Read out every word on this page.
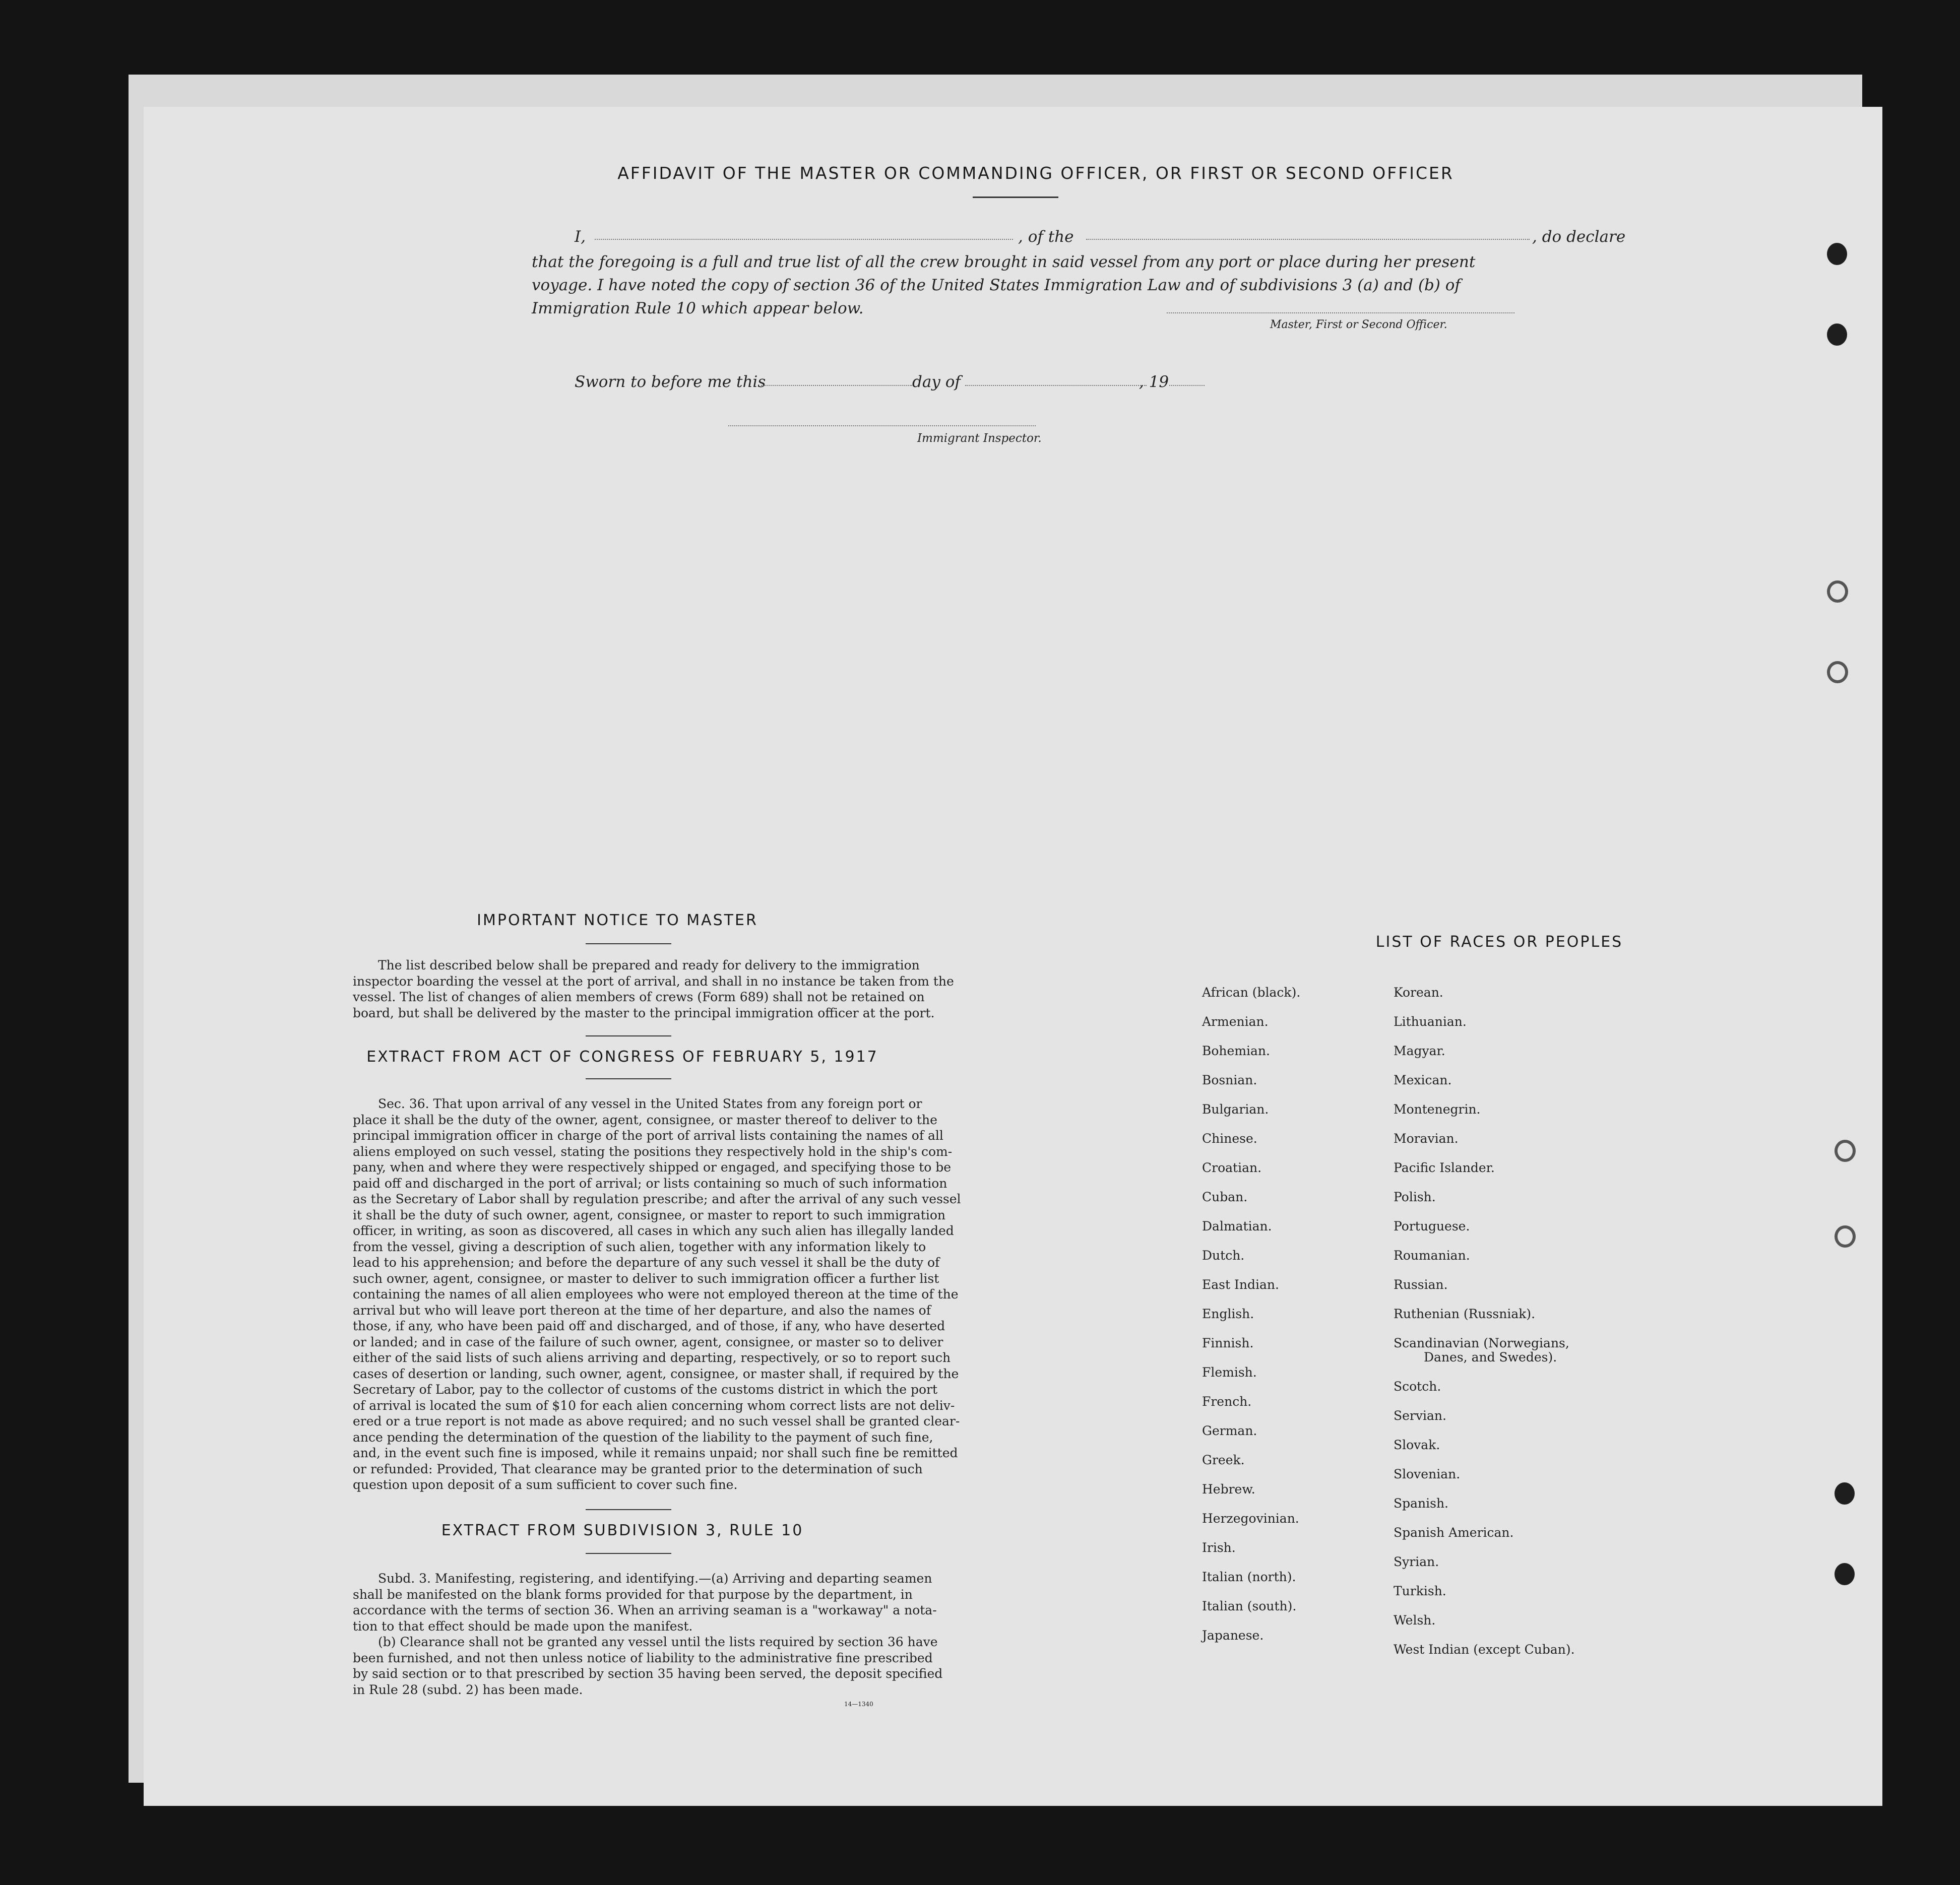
AFFIDAVIT OF THE MASTER OR COMMANDING OFFICER, OR FIRST OR SECOND OFFICER
I,	, of the	, do declare
that the foregoing is a full and true list of all the crew brought in said vessel from any port or place during her present
voyage. I have noted the copy of section 36 of the United States Immigration Law and of subdivisions 3 (a) and (b) of
Immigration Rule 10 which appear below.
Master, First or Second Officer.
Sworn to before me this	day of	, 19
Immigrant Inspector.
IMPORTANT NOTICE TO MASTER
The list described below shall be prepared and ready for delivery to the immigration
inspector boarding the vessel at the port of arrival, and shall in no instance be taken from the
vessel. The list of changes of alien members of crews (Form 689) shall not be retained on
board, but shall be delivered by the master to the principal immigration officer at the port.
EXTRACT FROM ACT OF CONGRESS OF FEBRUARY 5, 1917
Sec. 36. That upon arrival of any vessel in the United States from any foreign port or
place it shall be the duty of the owner, agent, consignee, or master thereof to deliver to the
principal immigration officer in charge of the port of arrival lists containing the names of all
aliens employed on such vessel, stating the positions they respectively hold in the ship's com-
pany, when and where they were respectively shipped or engaged, and specifying those to be
paid off and discharged in the port of arrival; or lists containing so much of such information
as the Secretary of Labor shall by regulation prescribe; and after the arrival of any such vessel
it shall be the duty of such owner, agent, consignee, or master to report to such immigration
officer, in writing, as soon as discovered, all cases in which any such alien has illegally landed
from the vessel, giving a description of such alien, together with any information likely to
lead to his apprehension; and before the departure of any such vessel it shall be the duty of
such owner, agent, consignee, or master to deliver to such immigration officer a further list
containing the names of all alien employees who were not employed thereon at the time of the
arrival but who will leave port thereon at the time of her departure, and also the names of
those, if any, who have been paid off and discharged, and of those, if any, who have deserted
or landed; and in case of the failure of such owner, agent, consignee, or master so to deliver
either of the said lists of such aliens arriving and departing, respectively, or so to report such
cases of desertion or landing, such owner, agent, consignee, or master shall, if required by the
Secretary of Labor, pay to the collector of customs of the customs district in which the port
of arrival is located the sum of $10 for each alien concerning whom correct lists are not deliv-
ered or a true report is not made as above required; and no such vessel shall be granted clear-
ance pending the determination of the question of the liability to the payment of such fine,
and, in the event such fine is imposed, while it remains unpaid; nor shall such fine be remitted
or refunded: Provided, That clearance may be granted prior to the determination of such
question upon deposit of a sum sufficient to cover such fine.
EXTRACT FROM SUBDIVISION 3, RULE 10
Subd. 3. Manifesting, registering, and identifying.—(a) Arriving and departing seamen
shall be manifested on the blank forms provided for that purpose by the department, in
accordance with the terms of section 36. When an arriving seaman is a "workaway" a nota-
tion to that effect should be made upon the manifest.
(b) Clearance shall not be granted any vessel until the lists required by section 36 have
been furnished, and not then unless notice of liability to the administrative fine prescribed
by said section or to that prescribed by section 35 having been served, the deposit specified
in Rule 28 (subd. 2) has been made.
14—1340
LIST OF RACES OR PEOPLES
African (black).
Armenian.
Bohemian.
Bosnian.
Bulgarian.
Chinese.
Croatian.
Cuban.
Dalmatian.
Dutch.
East Indian.
English.
Finnish.
Flemish.
French.
German.
Greek.
Hebrew.
Herzegovinian.
Irish.
Italian (north).
Italian (south).
Japanese.
Korean.
Lithuanian.
Magyar.
Mexican.
Montenegrin.
Moravian.
Pacific Islander.
Polish.
Portuguese.
Roumanian.
Russian.
Ruthenian (Russniak).
Scandinavian (Norwegians,
Danes, and Swedes).
Scotch.
Servian.
Slovak.
Slovenian.
Spanish.
Spanish American.
Syrian.
Turkish.
Welsh.
West Indian (except Cuban).
